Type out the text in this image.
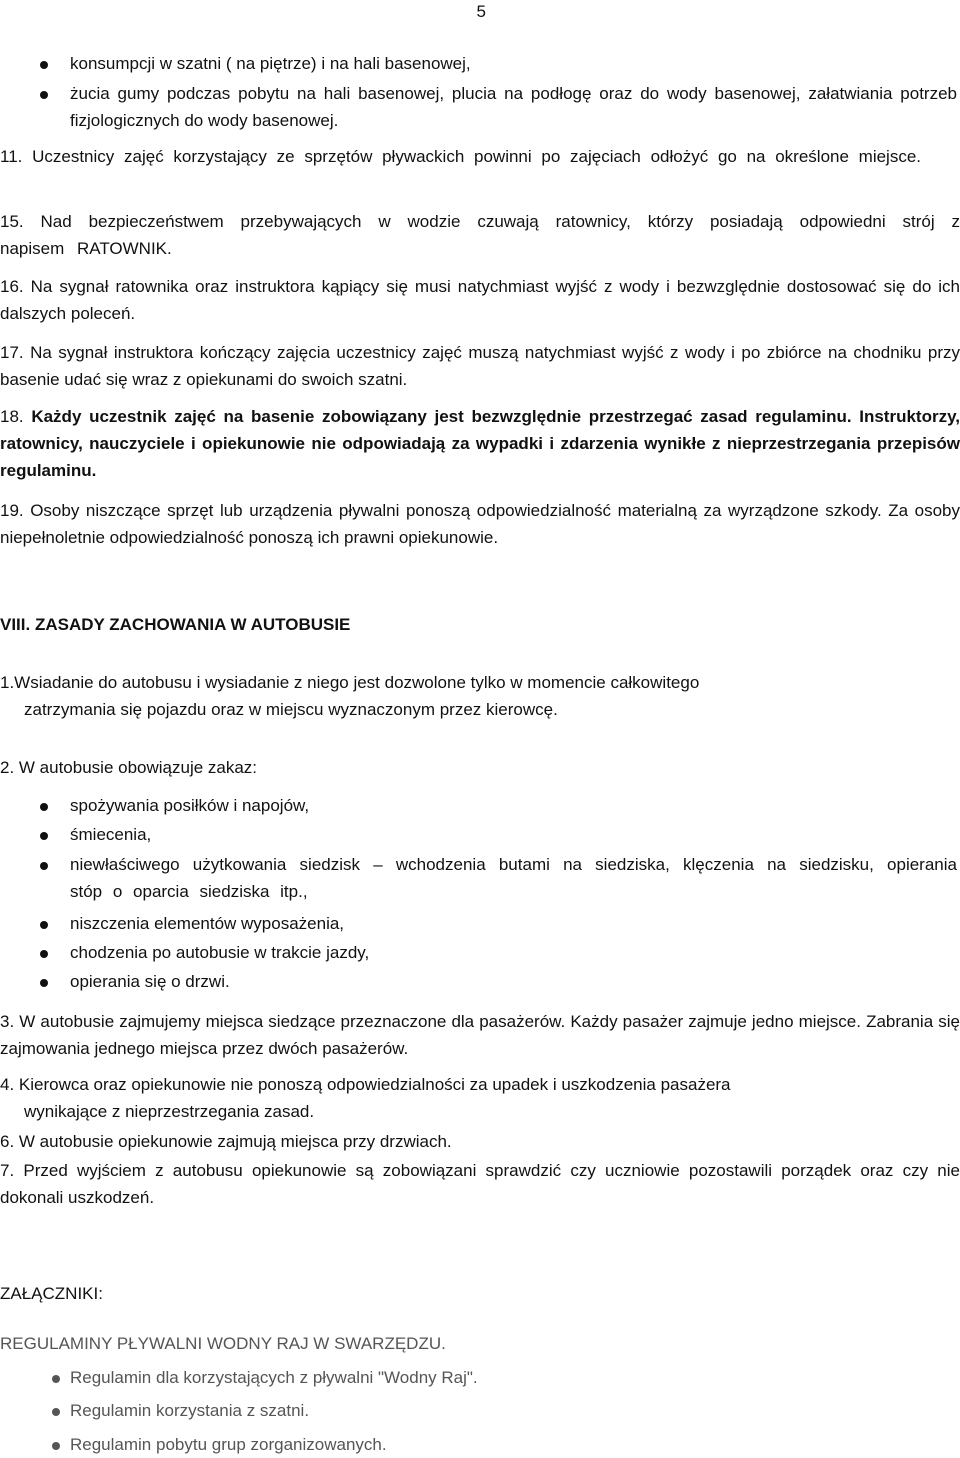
5

konsumpcji w szatni ( na piętrze) i na hali basenowej,

żucia gumy podczas pobytu na hali basenowej, plucia na podłogę oraz do wody basenowej, załatwiania potrzeb fizjologicznych do wody basenowej.

11. Uczestnicy zajęć korzystający ze sprzętów pływackich powinni po zajęciach odłożyć go na określone miejsce.

15. Nad bezpieczeństwem przebywających w wodzie czuwają ratownicy, którzy posiadają odpowiedni strój z napisem RATOWNIK.

16. Na sygnał ratownika oraz instruktora kąpiący się musi natychmiast wyjść z wody i bezwzględnie dostosować się do ich dalszych poleceń.

17. Na sygnał instruktora kończący zajęcia uczestnicy zajęć muszą natychmiast wyjść z wody i po zbiórce na chodniku przy basenie udać się wraz z opiekunami do swoich szatni.

18. Każdy uczestnik zajęć na basenie zobowiązany jest bezwzględnie przestrzegać zasad regulaminu. Instruktorzy, ratownicy, nauczyciele i opiekunowie nie odpowiadają za wypadki i zdarzenia wynikłe z nieprzestrzegania przepisów regulaminu.

19. Osoby niszczące sprzęt lub urządzenia pływalni ponoszą odpowiedzialność materialną za wyrządzone szkody. Za osoby niepełnoletnie odpowiedzialność ponoszą ich prawni opiekunowie.

VIII. ZASADY ZACHOWANIA W AUTOBUSIE

1.Wsiadanie do autobusu i wysiadanie z niego jest dozwolone tylko w momencie całkowitego
zatrzymania się pojazdu oraz w miejscu wyznaczonym przez kierowcę.

2. W autobusie obowiązuje zakaz:

spożywania posiłków i napojów,

śmiecenia,

niewłaściwego użytkowania siedzisk – wchodzenia butami na siedziska, klęczenia na siedzisku, opierania stóp o oparcia siedziska itp.,

niszczenia elementów wyposażenia,

chodzenia po autobusie w trakcie jazdy,

opierania się o drzwi.

3. W autobusie zajmujemy miejsca siedzące przeznaczone dla pasażerów. Każdy pasażer zajmuje jedno miejsce. Zabrania się zajmowania jednego miejsca przez dwóch pasażerów.

4. Kierowca oraz opiekunowie nie ponoszą odpowiedzialności za upadek i uszkodzenia pasażera
wynikające z nieprzestrzegania zasad.

6. W autobusie opiekunowie zajmują miejsca przy drzwiach.

7. Przed wyjściem z autobusu opiekunowie są zobowiązani sprawdzić czy uczniowie pozostawili porządek oraz czy nie dokonali uszkodzeń.

ZAŁĄCZNIKI:

REGULAMINY PŁYWALNI WODNY RAJ W SWARZĘDZU.

Regulamin dla korzystających z pływalni "Wodny Raj".

Regulamin korzystania z szatni.

Regulamin pobytu grup zorganizowanych.
